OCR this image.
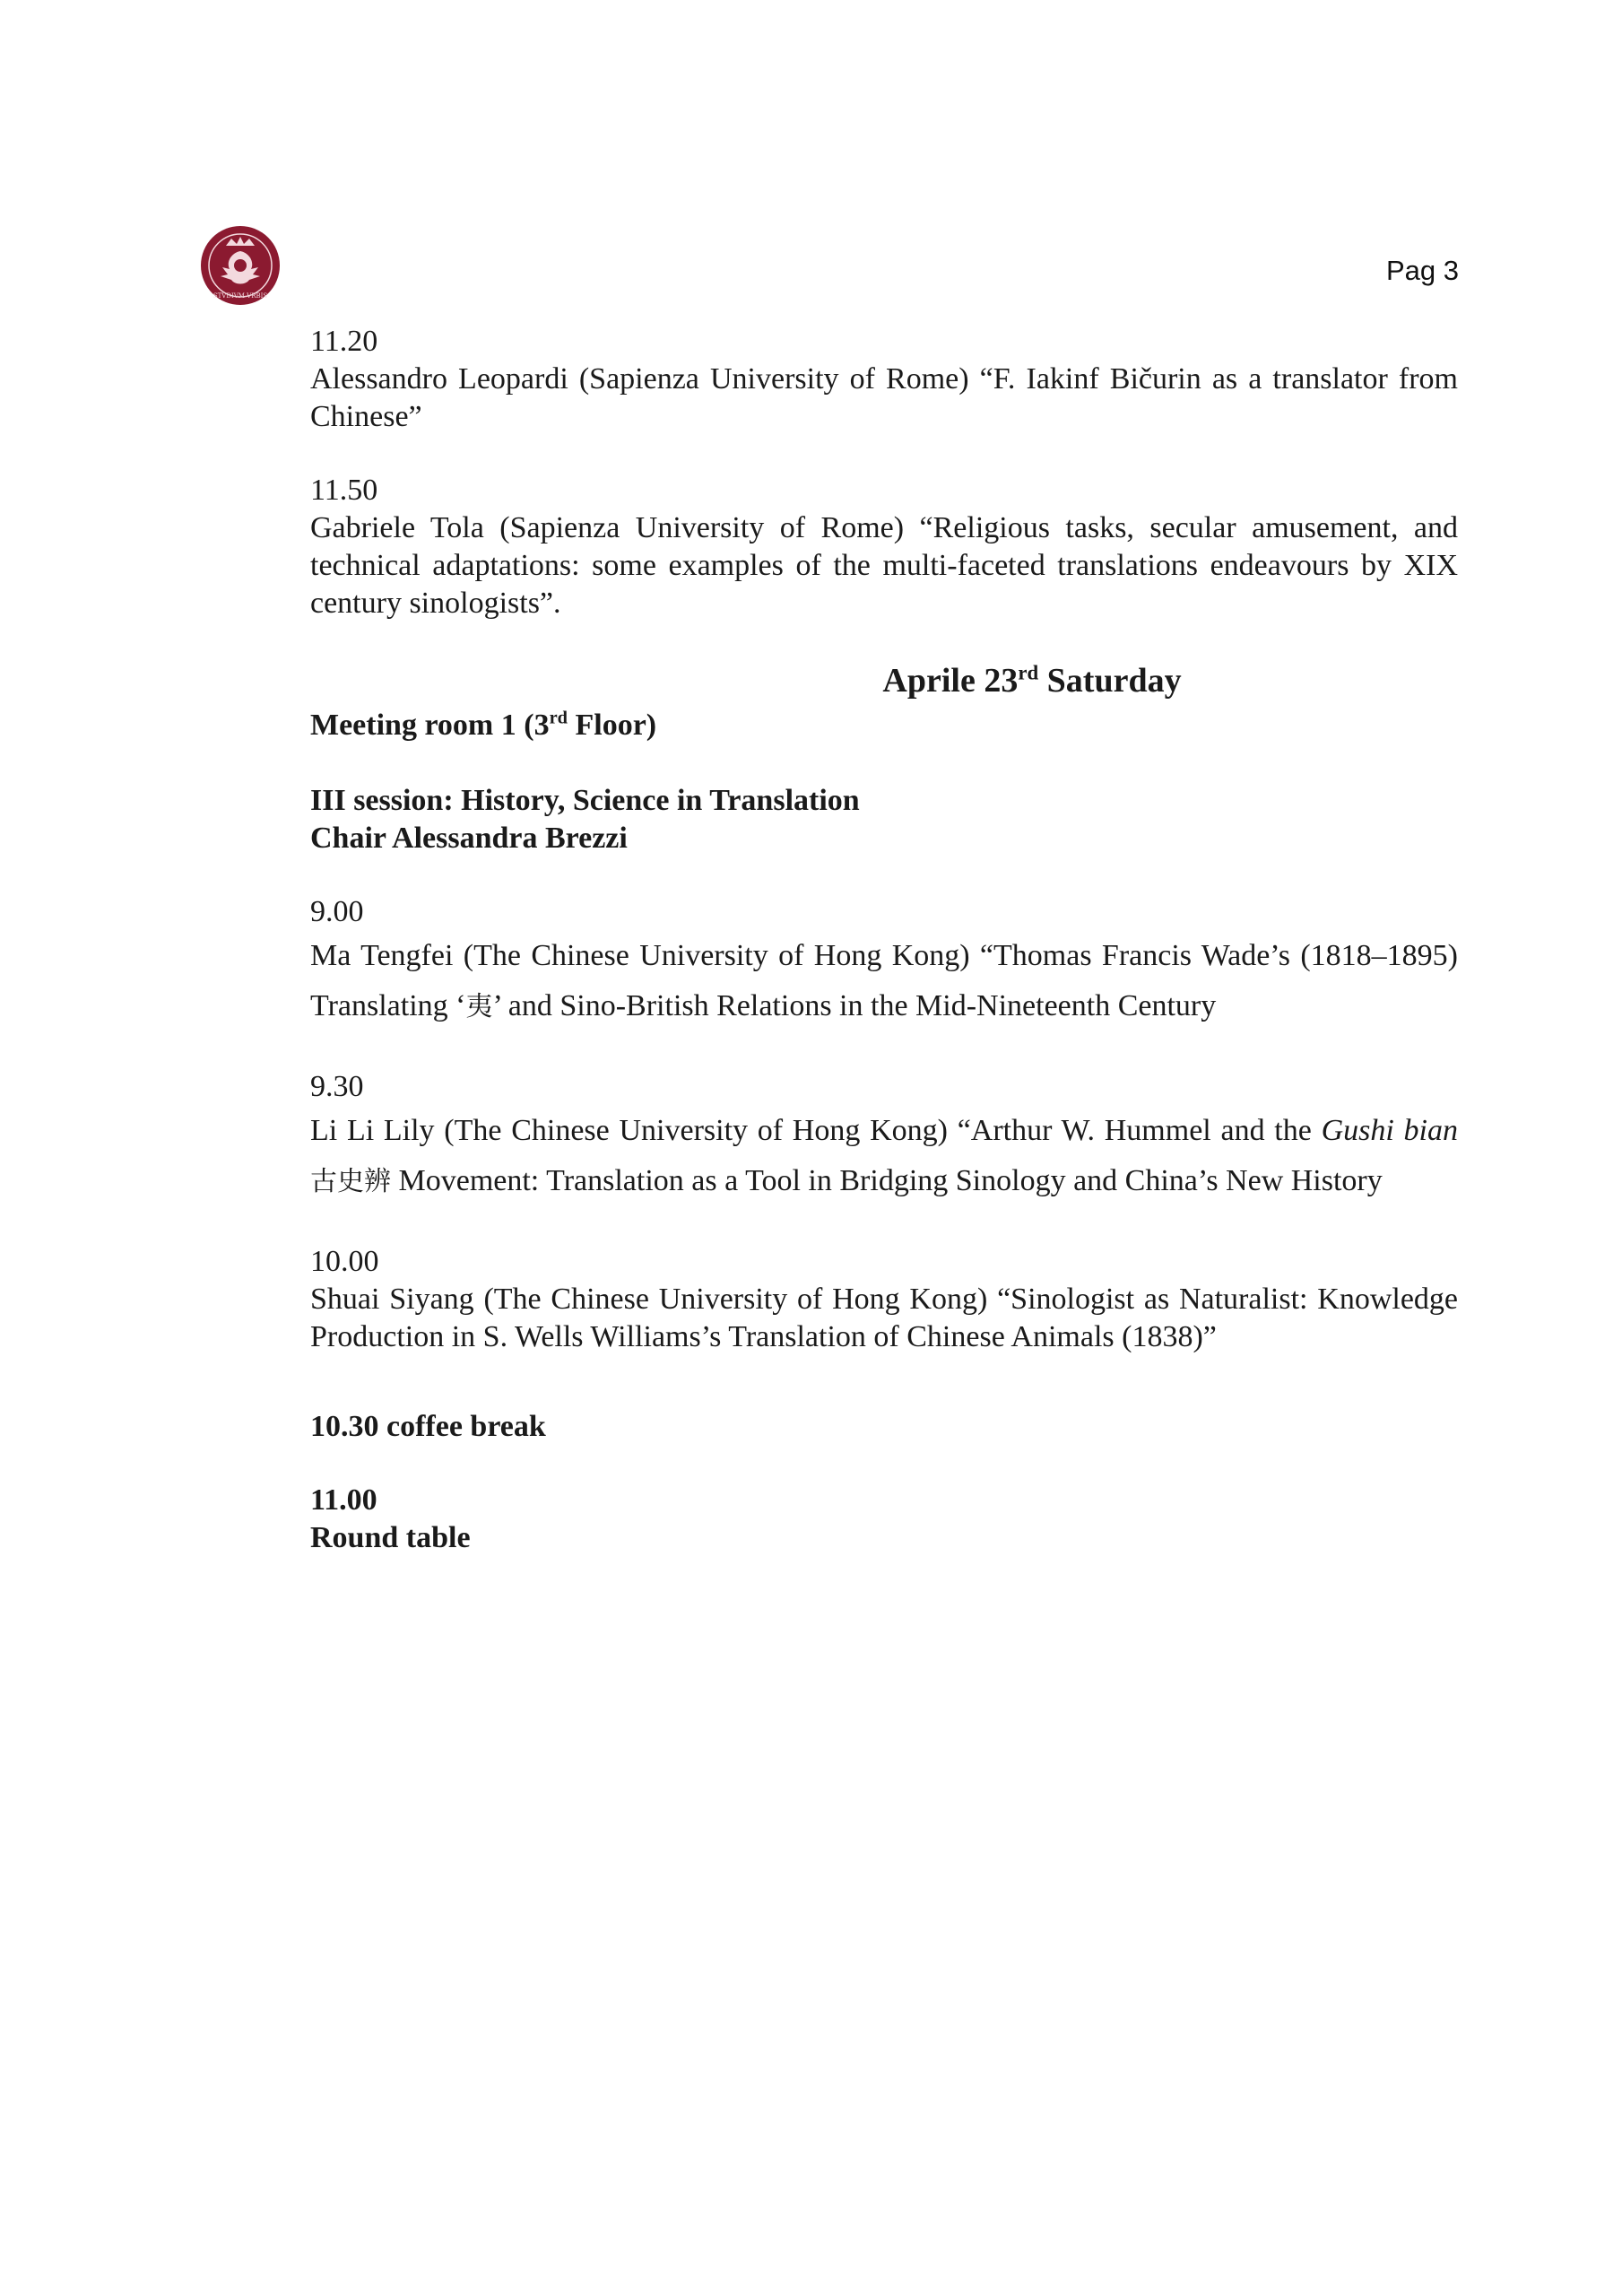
STVDIVM VRBIS
Pag 3
11.20

Alessandro Leopardi (Sapienza University of Rome) “F. Iakinf Bičurin as a translator from Chinese”

11.50

Gabriele Tola (Sapienza University of Rome) “Religious tasks, secular amusement, and technical adaptations: some examples of the multi-faceted translations endeavours by XIX century sinologists”.

Aprile 23rd Saturday
Meeting room 1 (3rd Floor)
III session: History, Science in Translation
Chair Alessandra Brezzi
9.00

Ma Tengfei (The Chinese University of Hong Kong) “Thomas Francis Wade’s (1818–1895) Translating ‘夷’ and Sino-British Relations in the Mid-Nineteenth Century

9.30

Li Li Lily (The Chinese University of Hong Kong) “Arthur W. Hummel and the Gushi bian 古史辨 Movement: Translation as a Tool in Bridging Sinology and China’s New History

10.00

Shuai Siyang (The Chinese University of Hong Kong) “Sinologist as Naturalist: Knowledge Production in S. Wells Williams’s Translation of Chinese Animals (1838)”

10.30 coffee break
11.00
Round table
